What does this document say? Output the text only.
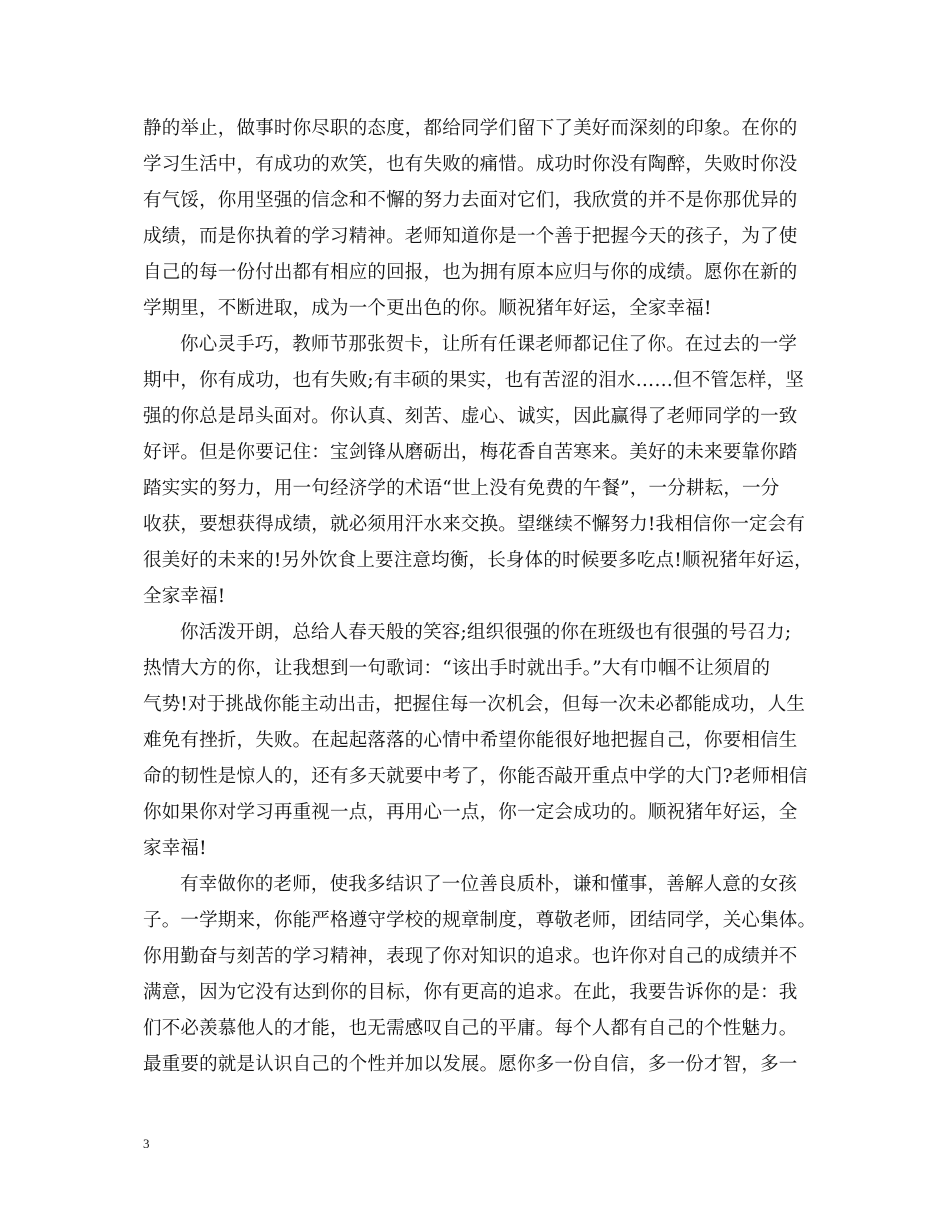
静的举止，做事时你尽职的态度，都给同学们留下了美好而深刻的印象。在你的
学习生活中，有成功的欢笑，也有失败的痛惜。成功时你没有陶醉，失败时你没
有气馁，你用坚强的信念和不懈的努力去面对它们，我欣赏的并不是你那优异的
成绩，而是你执着的学习精神。老师知道你是一个善于把握今天的孩子，为了使
自己的每一份付出都有相应的回报，也为拥有原本应归与你的成绩。愿你在新的
学期里，不断进取，成为一个更出色的你。顺祝猪年好运，全家幸福!
你心灵手巧，教师节那张贺卡，让所有任课老师都记住了你。在过去的一学
期中，你有成功，也有失败;有丰硕的果实，也有苦涩的泪水……但不管怎样，坚
强的你总是昂头面对。你认真、刻苦、虚心、诚实，因此赢得了老师同学的一致
好评。但是你要记住：宝剑锋从磨砺出，梅花香自苦寒来。美好的未来要靠你踏
踏实实的努力，用一句经济学的术语“世上没有免费的午餐”，一分耕耘，一分
收获，要想获得成绩，就必须用汗水来交换。望继续不懈努力!我相信你一定会有
很美好的未来的!另外饮食上要注意均衡，长身体的时候要多吃点!顺祝猪年好运，
全家幸福!
你活泼开朗，总给人春天般的笑容;组织很强的你在班级也有很强的号召力;
热情大方的你，让我想到一句歌词：“该出手时就出手。”大有巾帼不让须眉的
气势!对于挑战你能主动出击，把握住每一次机会，但每一次未必都能成功，人生
难免有挫折，失败。在起起落落的心情中希望你能很好地把握自己，你要相信生
命的韧性是惊人的，还有多天就要中考了，你能否敲开重点中学的大门?老师相信
你如果你对学习再重视一点，再用心一点，你一定会成功的。顺祝猪年好运，全
家幸福!
有幸做你的老师，使我多结识了一位善良质朴，谦和懂事，善解人意的女孩
子。一学期来，你能严格遵守学校的规章制度，尊敬老师，团结同学，关心集体。
你用勤奋与刻苦的学习精神，表现了你对知识的追求。也许你对自己的成绩并不
满意，因为它没有达到你的目标，你有更高的追求。在此，我要告诉你的是：我
们不必羡慕他人的才能，也无需感叹自己的平庸。每个人都有自己的个性魅力。
最重要的就是认识自己的个性并加以发展。愿你多一份自信，多一份才智，多一
3
